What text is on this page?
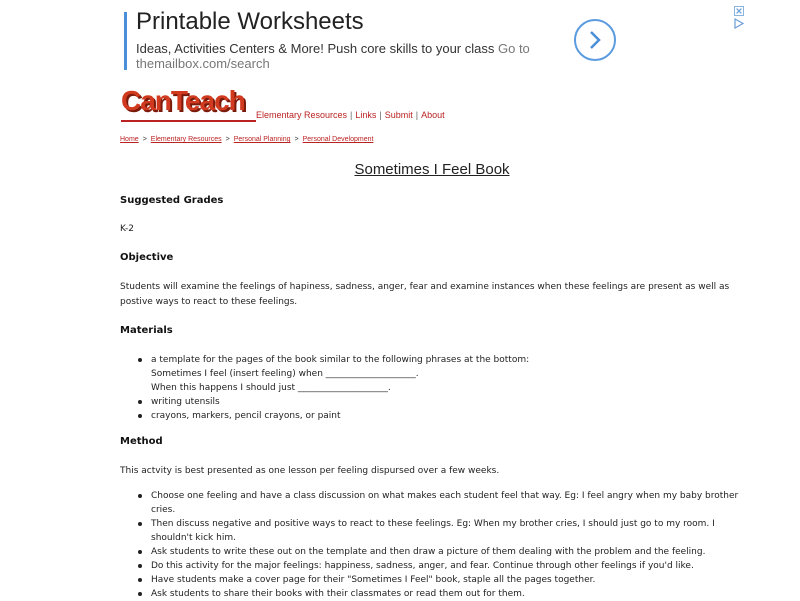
Printable Worksheets
Ideas, Activities Centers & More! Push core skills to your class Go to
themailbox.com/search
CanTeach Elementary Resources | Links | Submit | About
Home > Elementary Resources > Personal Planning > Personal Development
Sometimes I Feel Book
Suggested Grades
K-2
Objective
Students will examine the feelings of hapiness, sadness, anger, fear and examine instances when these feelings are present as well as postive ways to react to these feelings.
Materials
a template for the pages of the book similar to the following phrases at the bottom:
Sometimes I feel (insert feeling) when ____________________.
When this happens I should just ____________________.
writing utensils
crayons, markers, pencil crayons, or paint
Method
This actvity is best presented as one lesson per feeling dispursed over a few weeks.
Choose one feeling and have a class discussion on what makes each student feel that way. Eg: I feel angry when my baby brother cries.
Then discuss negative and positive ways to react to these feelings. Eg: When my brother cries, I should just go to my room. I shouldn't kick him.
Ask students to write these out on the template and then draw a picture of them dealing with the problem and the feeling.
Do this activity for the major feelings: happiness, sadness, anger, and fear. Continue through other feelings if you'd like.
Have students make a cover page for their "Sometimes I Feel" book, staple all the pages together.
Ask students to share their books with their classmates or read them out for them.
